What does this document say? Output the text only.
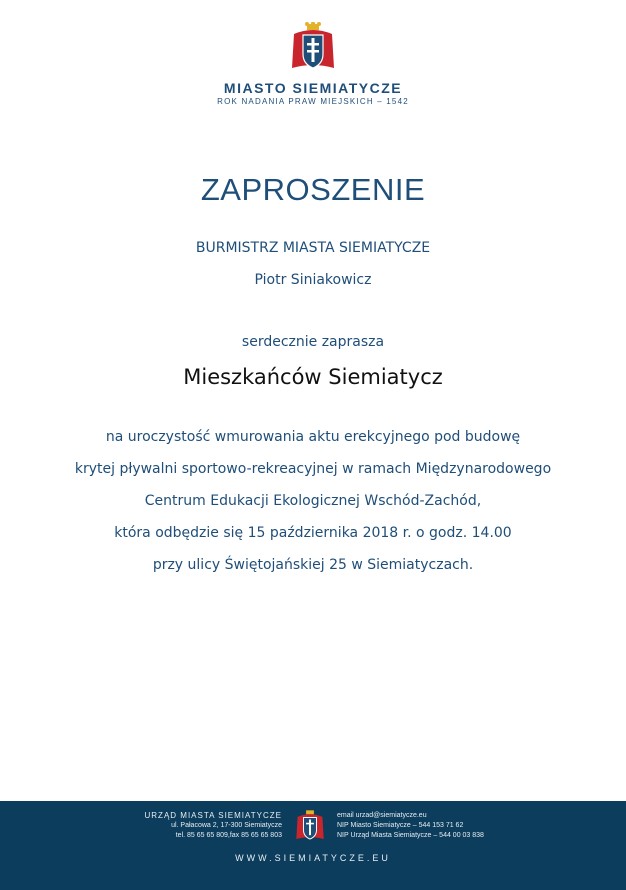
MIASTO SIEMIATYCZE
ROK NADANIA PRAW MIEJSKICH – 1542
ZAPROSZENIE
BURMISTRZ MIASTA SIEMIATYCZE
Piotr Siniakowicz
serdecznie zaprasza
Mieszkańców Siemiatycz
na uroczystość wmurowania aktu erekcyjnego pod budowę
krytej pływalni sportowo-rekreacyjnej w ramach Międzynarodowego
Centrum Edukacji Ekologicznej Wschód-Zachód,
która odbędzie się 15 października 2018 r. o godz. 14.00
przy ulicy Świętojańskiej 25 w Siemiatyczach.
URZĄD MIASTA SIEMIATYCZE
ul. Pałacowa 2, 17-300 Siemiatycze
tel. 85 65 65 809,fax 85 65 65 803
email urzad@siemiatycze.eu
NIP Miasto Siemiatycze – 544 153 71 62
NIP Urząd Miasta Siemiatycze – 544 00 03 838
WWW.SIEMIATYCZE.EU
